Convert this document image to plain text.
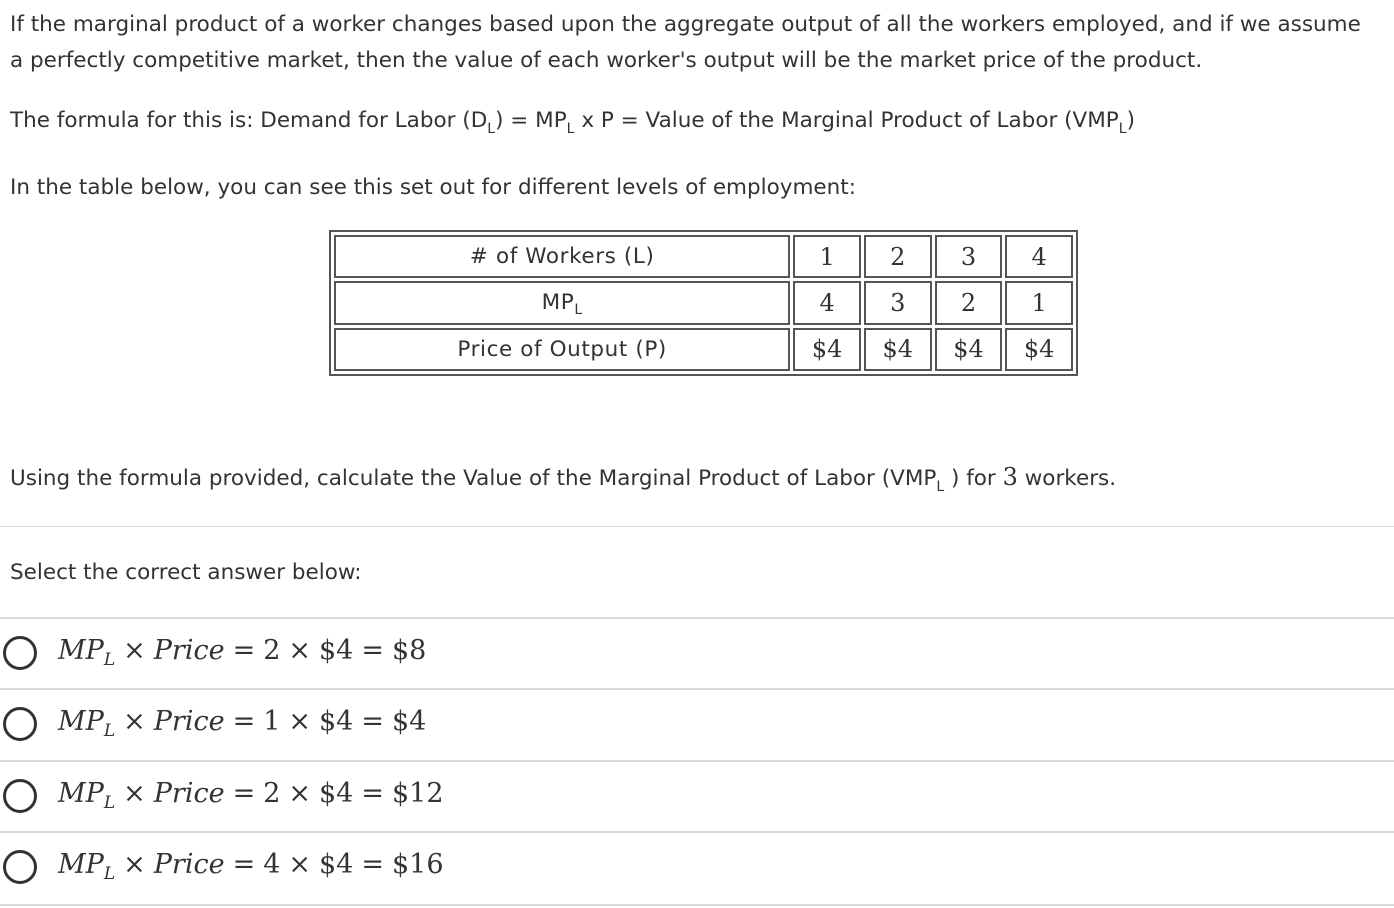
If the marginal product of a worker changes based upon the aggregate output of all the workers employed, and if we assume a perfectly competitive market, then the value of each worker's output will be the market price of the product.
The formula for this is: Demand for Labor $(D_L) = MP_L$ x P = Value of the Marginal Product of Labor $(VMP_L)$
In the table below, you can see this set out for different levels of employment:
# of Workers (L)	1	2	3	4
$MP_L$	4	3	2	1
Price of Output (P)	$4	$4	$4	$4
Using the formula provided, calculate the Value of the Marginal Product of Labor ($VMP_L$ ) for 3 workers.
Select the correct answer below:
$MP_L$ × Price = 2 × $4 = $8
$MP_L$ × Price = 1 × $4 = $4
$MP_L$ × Price = 2 × $4 = $12
$MP_L$ × Price = 4 × $4 = $16
